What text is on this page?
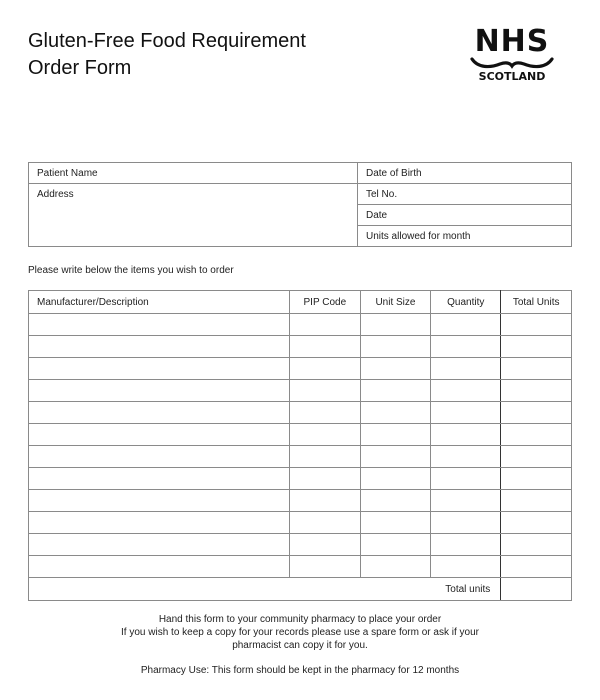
Gluten-Free Food Requirement
Order Form
NHS
SCOTLAND
Patient Name	Date of Birth
Address	Tel No.
	Date
	Units allowed for month
Please write below the items you wish to order
Manufacturer/Description	PIP Code	Unit Size	Quantity	Total Units

Total units				
Hand this form to your community pharmacy to place your order
If you wish to keep a copy for your records please use a spare form or ask if your
pharmacist can copy it for you.
Pharmacy Use: This form should be kept in the pharmacy for 12 months
